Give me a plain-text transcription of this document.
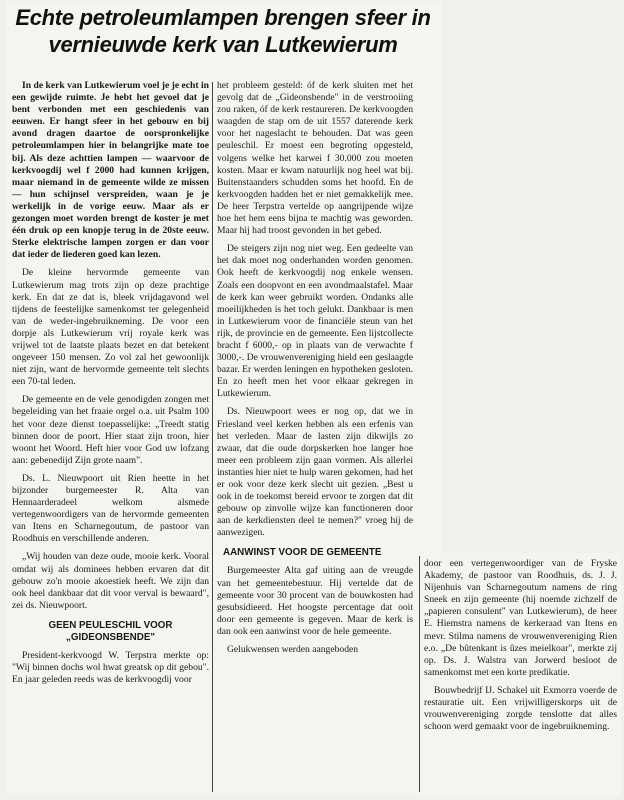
Echte petroleumlampen brengen sfeer in vernieuwde kerk van Lutkewierum

In de kerk van Lutkewierum voel je je echt in een gewijde ruimte. Je hebt het gevoel dat je bent verbonden met een geschiedenis van eeuwen. Er hangt sfeer in het gebouw en bij avond dragen daartoe de oorspronkelijke petroleumlampen hier in belangrijke mate toe bij. Als deze achttien lampen — waarvoor de kerkvoogdij wel f 2000 had kunnen krijgen, maar niemand in de gemeente wilde ze missen — hun schijnsel verspreiden, waan je je werkelijk in de vorige eeuw. Maar als er gezongen moet worden brengt de koster je met één druk op een knopje terug in de 20ste eeuw. Sterke elektrische lampen zorgen er dan voor dat ieder de liederen goed kan lezen.

De kleine hervormde gemeente van Lutkewierum mag trots zijn op deze prachtige kerk. En dat ze dat is, bleek vrijdagavond wel tijdens de feestelijke samenkomst ter gelegenheid van de weder-ingebruikneming. De voor een dorpje als Lutkewierum vrij royale kerk was vrijwel tot de laatste plaats bezet en dat betekent ongeveer 150 mensen. Zo vol zal het gewoonlijk niet zijn, want de hervormde gemeente telt slechts een 70-tal leden.

De gemeente en de vele genodigden zongen met begeleiding van het fraaie orgel o.a. uit Psalm 100 het voor deze dienst toepasselijke: „Treedt statig binnen door de poort. Hier staat zijn troon, hier woont het Woord. Heft hier voor God uw lofzang aan: gebenedijd Zijn grote naam".

Ds. L. Nieuwpoort uit Rien heette in het bijzonder burgemeester R. Alta van Hennaarderadeel welkom alsmede vertegenwoordigers van de hervormde gemeenten van Itens en Scharnegoutum, de pastoor van Roodhuis en verschillende anderen.

„Wij houden van deze oude, mooie kerk. Vooral omdat wij als dominees hebben ervaren dat dit gebouw zo'n mooie akoestiek heeft. We zijn dan ook heel dankbaar dat dit voor verval is bewaard", zei ds. Nieuwpoort.

GEEN PEULESCHIL VOOR „GIDEONSBENDE"

President-kerkvoogd W. Terpstra merkte op: "Wij binnen dochs wol hwat greatsk op dit gebou". En jaar geleden reeds was de kerkvoogdij voor

het probleem gesteld: óf de kerk sluiten met het gevolg dat de „Gideonsbende" in de verstrooiing zou raken, óf de kerk restaureren. De kerkvoogden waagden de stap om de uit 1557 daterende kerk voor het nageslacht te behouden. Dat was geen peuleschil. Er moest een begroting opgesteld, volgens welke het karwei f 30.000 zou moeten kosten. Maar er kwam natuurlijk nog heel wat bij. Buitenstaanders schudden soms het hoofd. En de kerkvoogden hadden het er niet gemakkelijk mee. De heer Terpstra vertelde op aangrijpende wijze hoe het hem eens bijna te machtig was geworden. Maar hij had troost gevonden in het gebed.

De steigers zijn nog niet weg. Een gedeelte van het dak moet nog onderhanden worden genomen. Ook heeft de kerkvoogdij nog enkele wensen. Zoals een doopvont en een avondmaalstafel. Maar de kerk kan weer gebruikt worden. Ondanks alle moeilijkheden is het toch gelukt. Dankbaar is men in Lutkewierum voor de financiële steun van het rijk, de provincie en de gemeente. Een lijstcollecte bracht f 6000,- op in plaats van de verwachte f 3000,-. De vrouwenvereniging hield een geslaagde bazar. Er werden leningen en hypotheken gesloten. En zo heeft men het voor elkaar gekregen in Lutkewierum.

Ds. Nieuwpoort wees er nog op, dat we in Friesland veel kerken hebben als een erfenis van het verleden. Maar de lasten zijn dikwijls zo zwaar, dat die oude dorpskerken hoe langer hoe meer een probleem zijn gaan vormen. Als allerlei instanties hier niet te hulp waren gekomen, had het er ook voor deze kerk slecht uit gezien. „Best u ook in de toekomst bereid ervoor te zorgen dat dit gebouw op zinvolle wijze kan functioneren door aan de kerkdiensten deel te nemen?" vroeg hij de aanwezigen.

AANWINST VOOR DE GEMEENTE

Burgemeester Alta gaf uiting aan de vreugde van het gemeentebestuur. Hij vertelde dat de gemeente voor 30 procent van de bouwkosten had gesubsidieerd. Het hoogste percentage dat ooit door een gemeente is gegeven. Maar de kerk is dan ook een aanwinst voor de hele gemeente.

Gelukwensen werden aangeboden

door een vertegenwoordiger van de Fryske Akademy, de pastoor van Roodhuis, ds. J. J. Nijenhuis van Scharnegoutum namens de ring Sneek en zijn gemeente (hij noemde zichzelf de „papieren consulent" van Lutkewierum), de heer E. Hiemstra namens de kerkeraad van Itens en mevr. Stilma namens de vrouwenvereniging Rien e.o. „De bûtenkant is ûzes meielkoar", merkte zij op. Ds. J. Walstra van Jorwerd besloot de samenkomst met een korte predikatie.

Bouwbedrijf IJ. Schakel uit Exmorra voerde de restauratie uit. Een vrijwilligerskorps uit de vrouwenvereniging zorgde tenslotte dat alles schoon werd gemaakt voor de ingebruikneming.
